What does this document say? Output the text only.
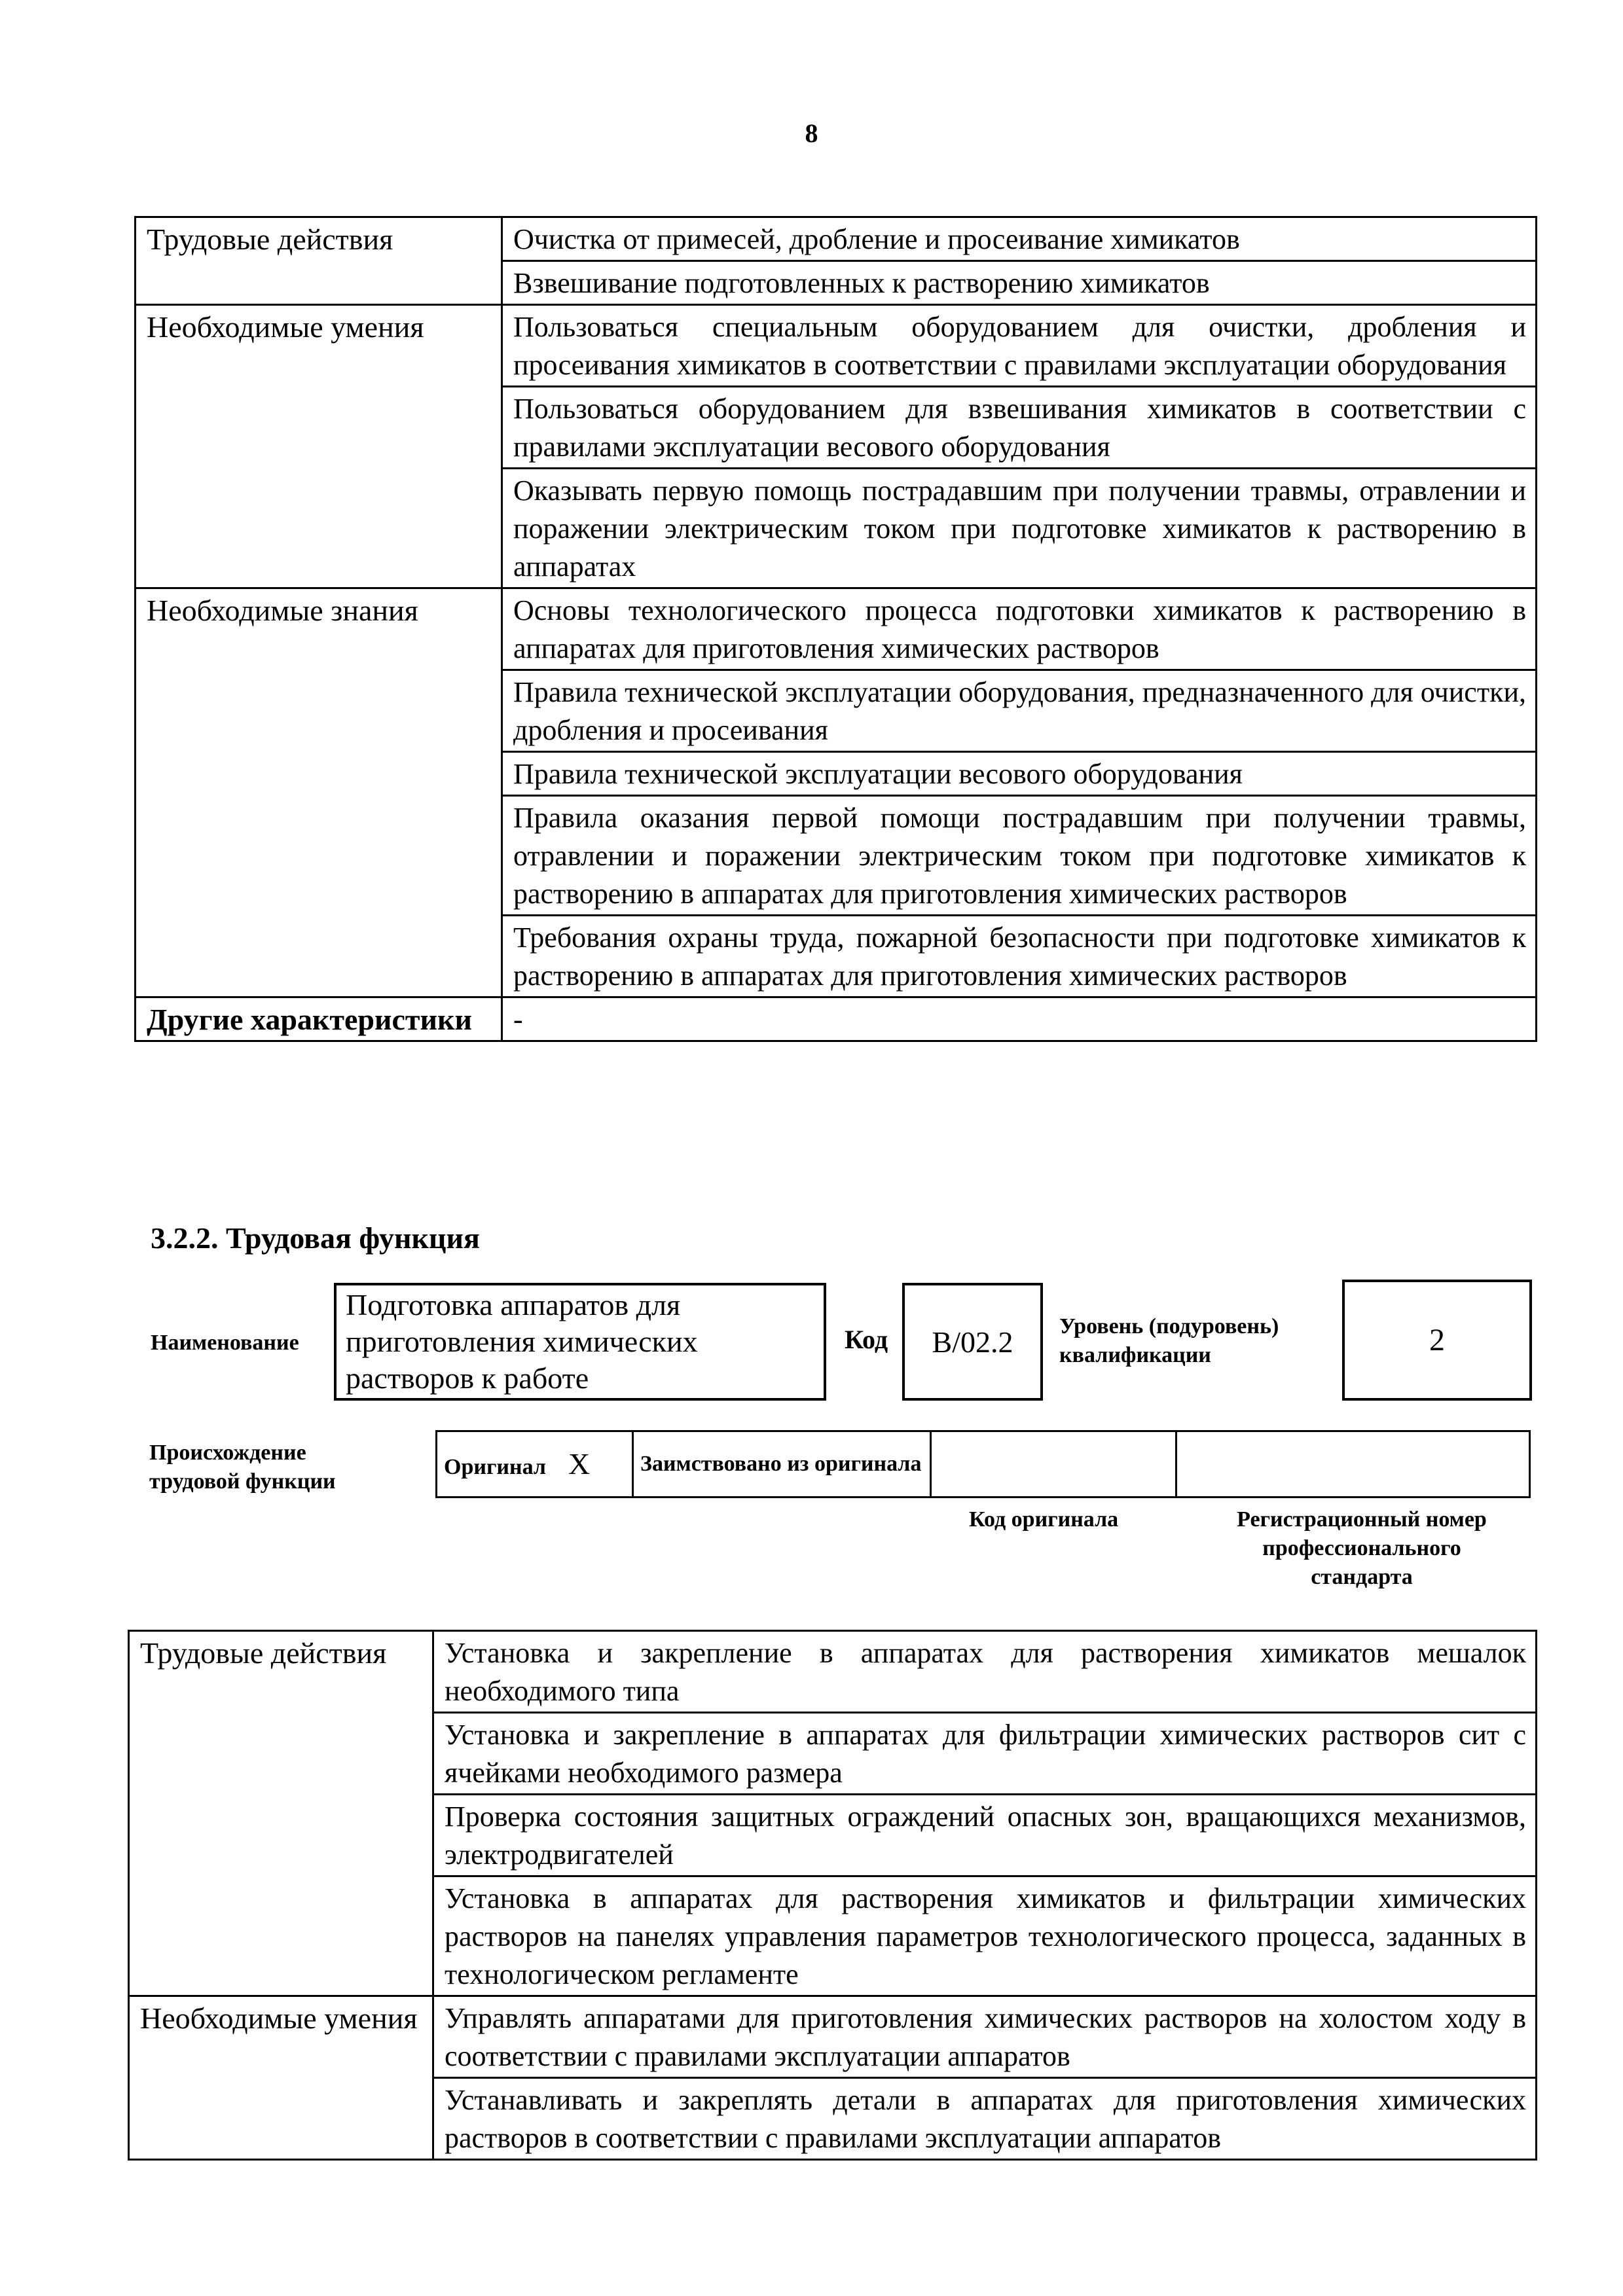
8
Трудовые действия	Очистка от примесей, дробление и просеивание химикатов
	Взвешивание подготовленных к растворению химикатов
Необходимые умения	Пользоваться специальным оборудованием для очистки, дробления и просеивания химикатов в соответствии с правилами эксплуатации оборудования
	Пользоваться оборудованием для взвешивания химикатов в соответствии с правилами эксплуатации весового оборудования
	Оказывать первую помощь пострадавшим при получении травмы, отравлении и поражении электрическим током при подготовке химикатов к растворению в аппаратах
Необходимые знания	Основы технологического процесса подготовки химикатов к растворению в аппаратах для приготовления химических растворов
	Правила технической эксплуатации оборудования, предназначенного для очистки, дробления и просеивания
	Правила технической эксплуатации весового оборудования
	Правила оказания первой помощи пострадавшим при получении травмы, отравлении и поражении электрическим током при подготовке химикатов к растворению в аппаратах для приготовления химических растворов
	Требования охраны труда, пожарной безопасности при подготовке химикатов к растворению в аппаратах для приготовления химических растворов
Другие характеристики	-
3.2.2. Трудовая функция
Наименование
Подготовка аппаратов для приготовления химических растворов к работе
Код B/02.2 Уровень (подуровень) квалификации	2
Происхождение трудовой функции
Оригинал X	Заимствовано из оригинала

Код оригинала	Регистрационный номер профессионального стандарта
Трудовые действия	Установка и закрепление в аппаратах для растворения химикатов мешалок необходимого типа
	Установка и закрепление в аппаратах для фильтрации химических растворов сит с ячейками необходимого размера
	Проверка состояния защитных ограждений опасных зон, вращающихся механизмов, электродвигателей
	Установка в аппаратах для растворения химикатов и фильтрации химических растворов на панелях управления параметров технологического процесса, заданных в технологическом регламенте
Необходимые умения	Управлять аппаратами для приготовления химических растворов на холостом ходу в соответствии с правилами эксплуатации аппаратов
	Устанавливать и закреплять детали в аппаратах для приготовления химических растворов в соответствии с правилами эксплуатации аппаратов
